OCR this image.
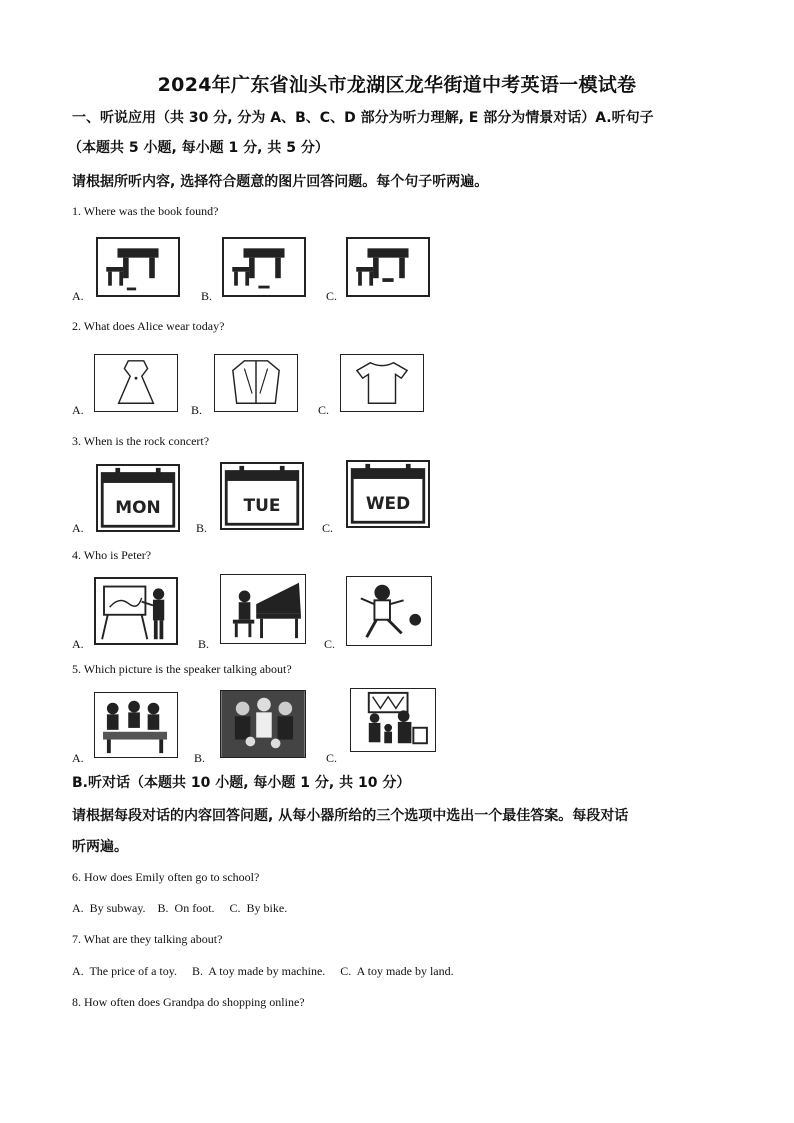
2024年广东省汕头市龙湖区龙华街道中考英语一模试卷
一、听说应用（共 30 分, 分为 A、B、C、D 部分为听力理解, E 部分为情景对话）A.听句子
（本题共 5 小题, 每小题 1 分, 共 5 分）
请根据所听内容, 选择符合题意的图片回答问题。每个句子听两遍。
1. Where was the book found?
A.	B.	C.
2. What does Alice wear today?
A.	B.	C.
3. When is the rock concert?
A.
MON
B.
TUE
C.
WED
4. Who is Peter?
A.	B.	C.
5. Which picture is the speaker talking about?
A.	B.	C.
B.听对话（本题共 10 小题, 每小题 1 分, 共 10 分）
请根据每段对话的内容回答问题, 从每小器所给的三个选项中选出一个最佳答案。每段对话
听两遍。
6. How does Emily often go to school?
A.  By subway.    B.  On foot.     C.  By bike.
7. What are they talking about?
A.  The price of a toy.     B.  A toy made by machine.     C.  A toy made by land.
8. How often does Grandpa do shopping online?
